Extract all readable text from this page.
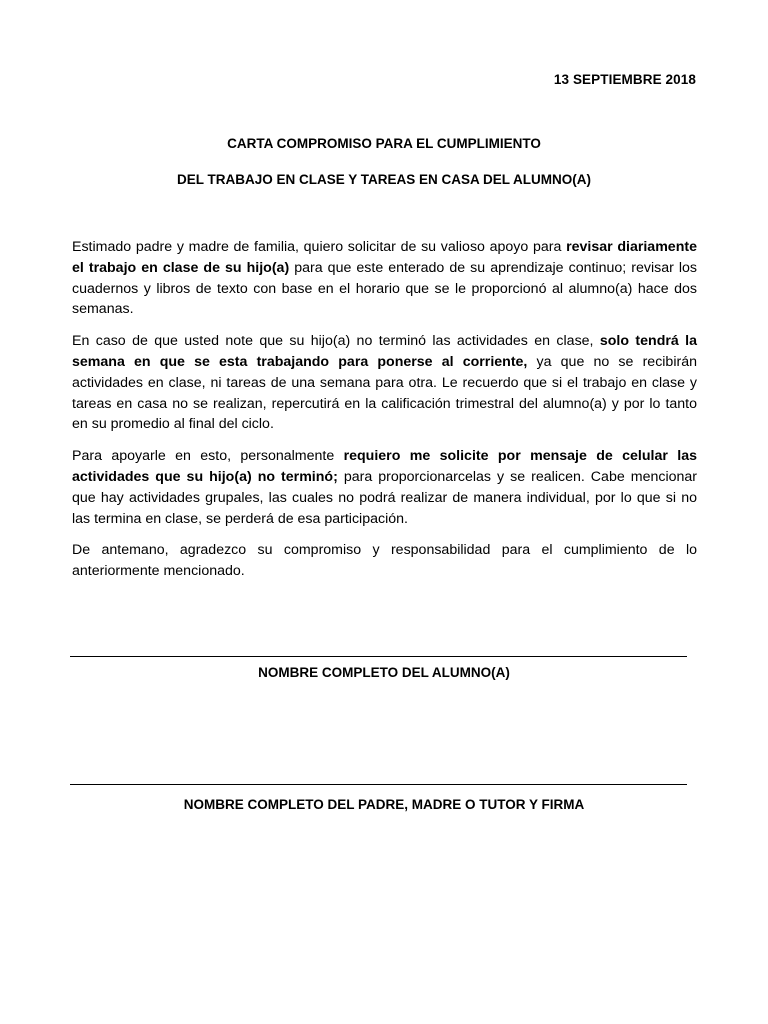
13 SEPTIEMBRE 2018
CARTA COMPROMISO PARA EL CUMPLIMIENTO
DEL TRABAJO EN CLASE Y TAREAS EN CASA DEL ALUMNO(A)

Estimado padre y madre de familia, quiero solicitar de su valioso apoyo para revisar diariamente el trabajo en clase de su hijo(a) para que este enterado de su aprendizaje continuo; revisar los cuadernos y libros de texto con base en el horario que se le proporcionó al alumno(a) hace dos semanas.

En caso de que usted note que su hijo(a) no terminó las actividades en clase, solo tendrá la semana en que se esta trabajando para ponerse al corriente, ya que no se recibirán actividades en clase, ni tareas de una semana para otra. Le recuerdo que si el trabajo en clase y tareas en casa no se realizan, repercutirá en la calificación trimestral del alumno(a) y por lo tanto en su promedio al final del ciclo.

Para apoyarle en esto, personalmente requiero me solicite por mensaje de celular las actividades que su hijo(a) no terminó; para proporcionarcelas y se realicen. Cabe mencionar que hay actividades grupales, las cuales no podrá realizar de manera individual, por lo que si no las termina en clase, se perderá de esa participación.

De antemano, agradezco su compromiso y responsabilidad para el cumplimiento de lo anteriormente mencionado.

NOMBRE COMPLETO DEL ALUMNO(A)
NOMBRE COMPLETO DEL PADRE, MADRE O TUTOR Y FIRMA
